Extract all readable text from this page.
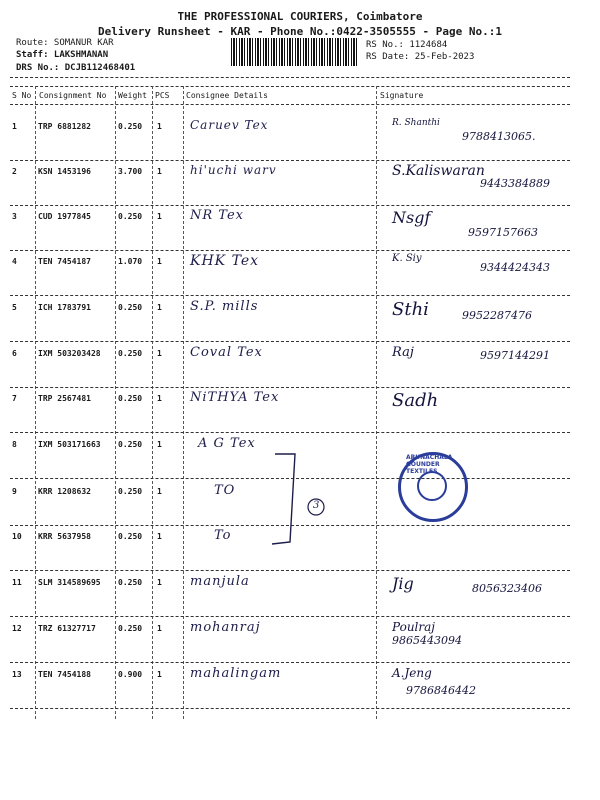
THE PROFESSIONAL COURIERS, Coimbatore
Delivery Runsheet - KAR - Phone No.:0422-3505555 - Page No.:1
Route: SOMANUR KAR
Staff: LAKSHMANAN
DRS No.: DCJB112468401
RS No.: 1124684
RS Date: 25-Feb-2023
S No Consignment No Weight PCS Consignee Details	Signature
1	TRP 6881282	0.250 1 Caruev Tex	R. Shanthi
9788413065.
2	KSN 1453196	3.700 1 hi'uchi warv	S.Kaliswaran
9443384889
3	CUD 1977845	0.250 1 NR Tex	Nsgf
9597157663
4	TEN 7454187	1.070 1 KHK Tex	K. Siy
9344424343
5	ICH 1783791	0.250 1 S.P. mills	Sthi	9952287476
6	IXM 503203428 0.250 1 Coval Tex	Raj	9597144291
7	TRP 2567481	0.250 1 NiTHYA Tex	Sadh
8	IXM 503171663 0.250 1	A G Tex
9	KRR 1208632	0.250 1	TO
10 KRR 5637958	0.250 1	To
11 SLM 314589695 0.250 1 manjula	Jig	8056323406
12 TRZ 61327717	0.250 1 mohanraj	Poulraj
9865443094
13 TEN 7454188	0.900 1 mahalingam	A.Jeng
9786846442
3
ARUNACHALA GOUNDER TEXTILES
